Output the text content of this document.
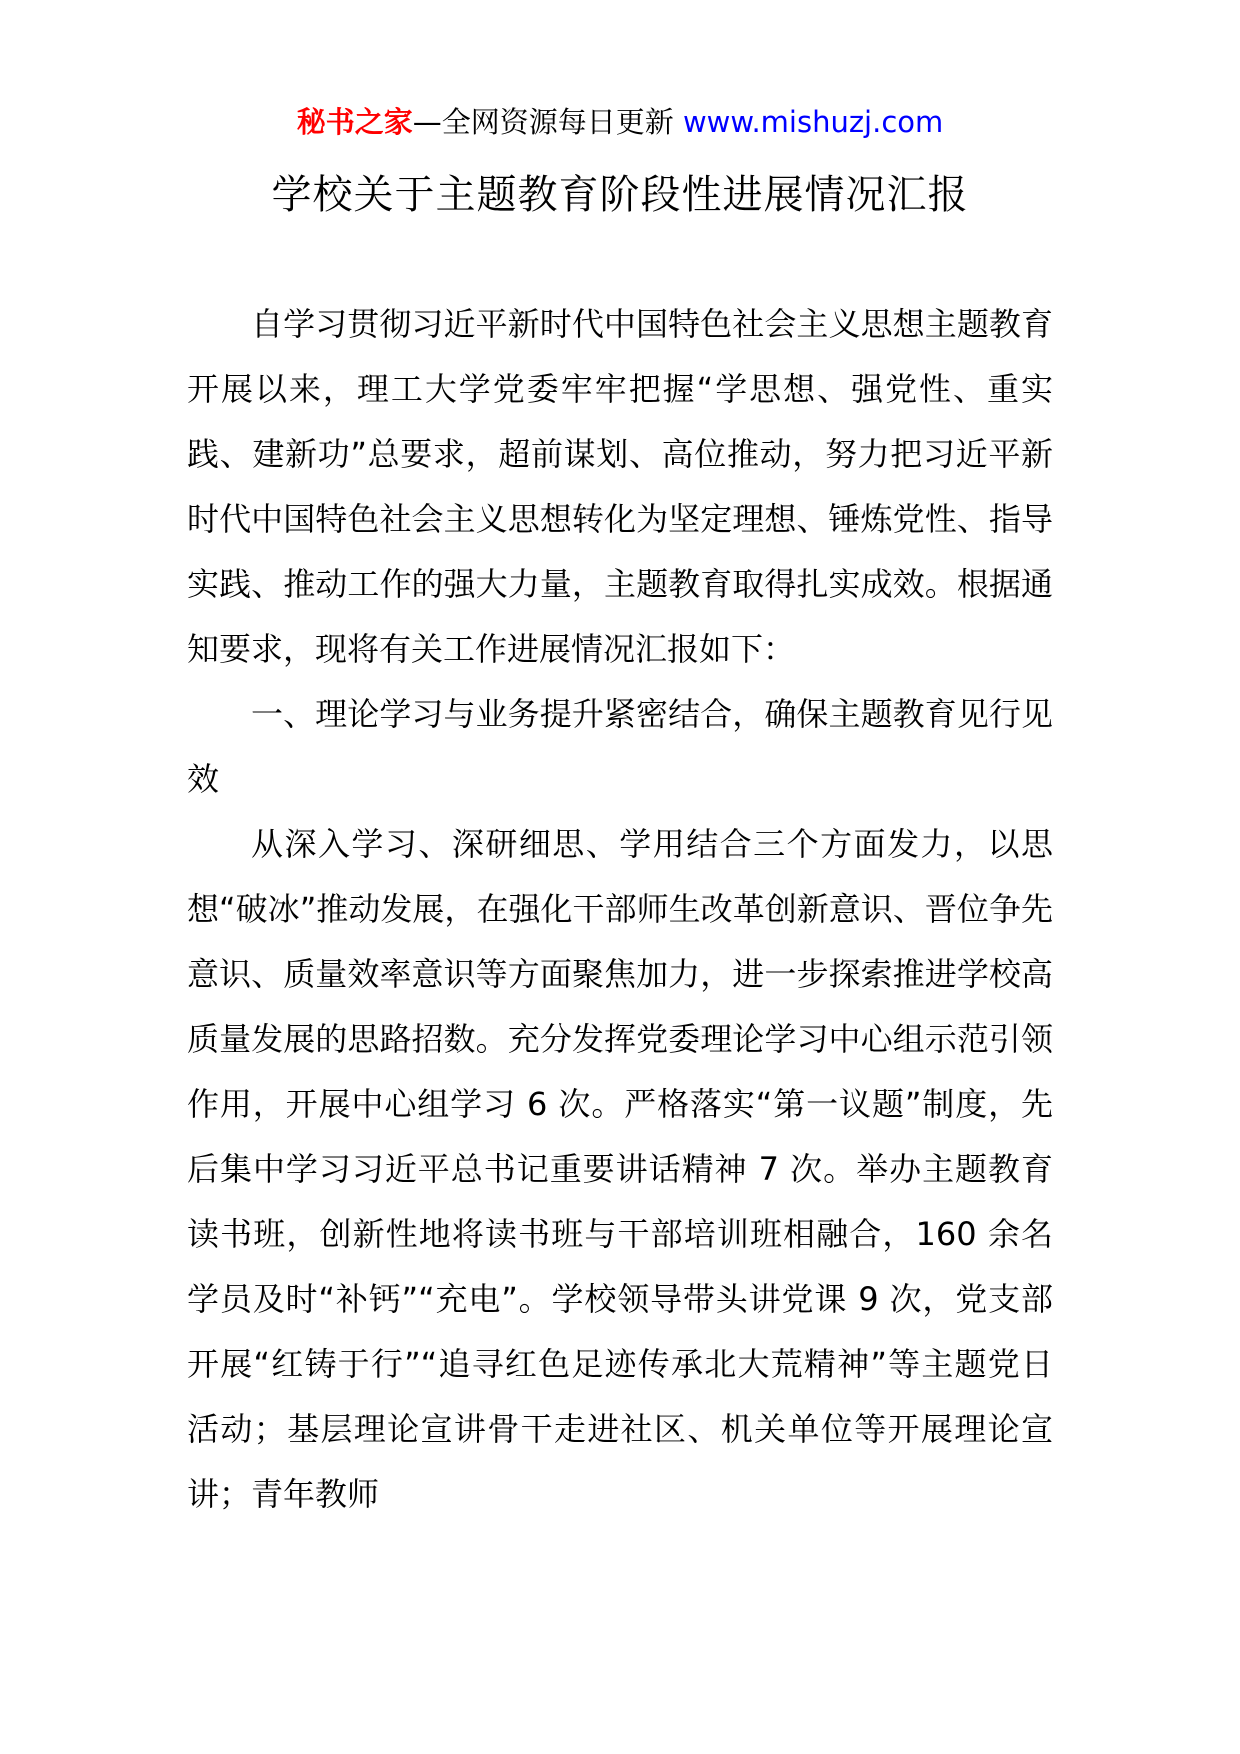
秘书之家—全网资源每日更新 www.mishuzj.com
学校关于主题教育阶段性进展情况汇报

自学习贯彻习近平新时代中国特色社会主义思想主题教育开展以来，理工大学党委牢牢把握“学思想、强党性、重实践、建新功”总要求，超前谋划、高位推动，努力把习近平新时代中国特色社会主义思想转化为坚定理想、锤炼党性、指导实践、推动工作的强大力量，主题教育取得扎实成效。根据通知要求，现将有关工作进展情况汇报如下：

一、理论学习与业务提升紧密结合，确保主题教育见行见效

从深入学习、深研细思、学用结合三个方面发力，以思想“破冰”推动发展，在强化干部师生改革创新意识、晋位争先意识、质量效率意识等方面聚焦加力，进一步探索推进学校高质量发展的思路招数。充分发挥党委理论学习中心组示范引领作用，开展中心组学习 6 次。严格落实“第一议题”制度，先后集中学习习近平总书记重要讲话精神 7 次。举办主题教育读书班，创新性地将读书班与干部培训班相融合，160 余名学员及时“补钙”“充电”。学校领导带头讲党课 9 次，党支部开展“红铸于行”“追寻红色足迹传承北大荒精神”等主题党日活动；基层理论宣讲骨干走进社区、机关单位等开展理论宣讲；青年教师
